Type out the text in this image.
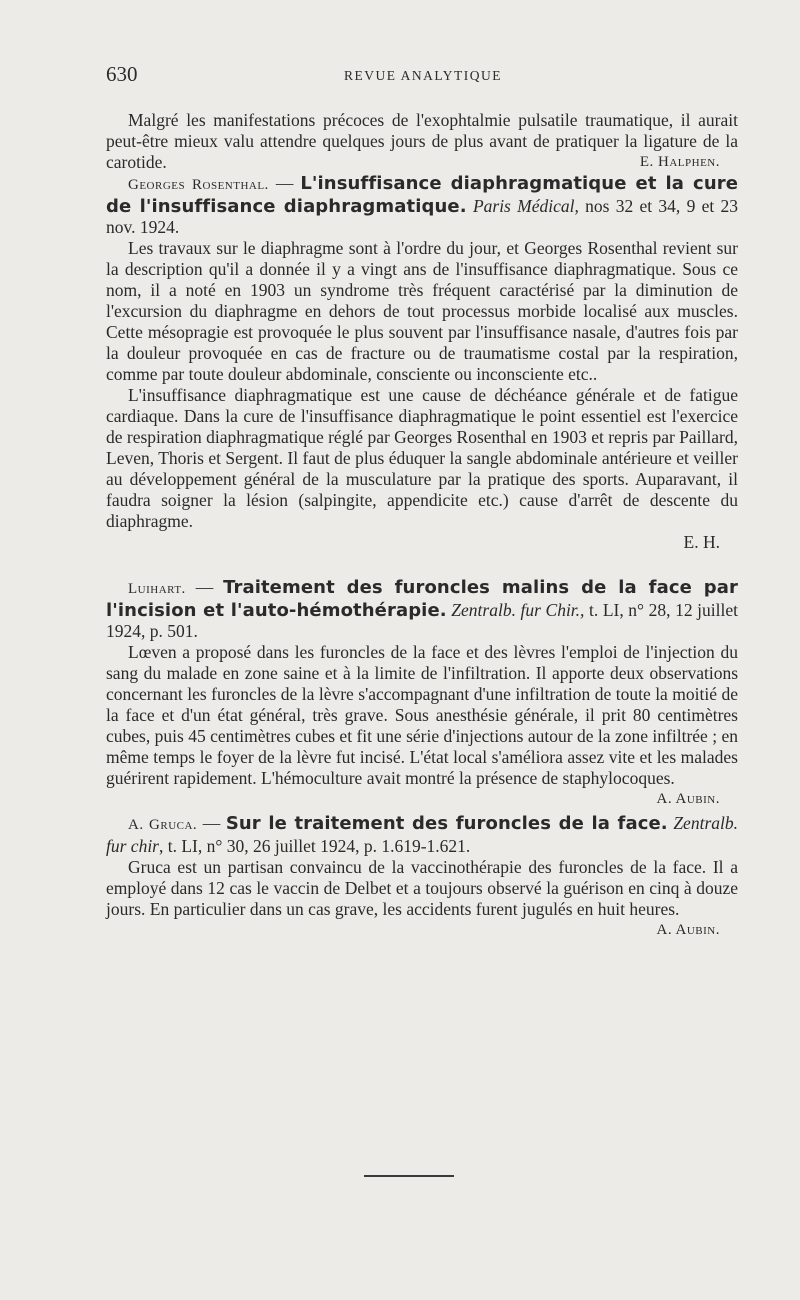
630	REVUE ANALYTIQUE

Malgré les manifestations précoces de l'exophtalmie pulsatile traumatique, il aurait peut-être mieux valu attendre quelques jours de plus avant de pratiquer la ligature de la carotide.	E. Halphen.

Georges Rosenthal. — L'insuffisance diaphragmatique et la cure de l'insuffisance diaphragmatique. Paris Médical, nos 32 et 34, 9 et 23 nov. 1924.

Les travaux sur le diaphragme sont à l'ordre du jour, et Georges Rosenthal revient sur la description qu'il a donnée il y a vingt ans de l'insuffisance diaphragmatique. Sous ce nom, il a noté en 1903 un syndrome très fréquent caractérisé par la diminution de l'excursion du diaphragme en dehors de tout processus morbide localisé aux muscles. Cette mésopragie est provoquée le plus souvent par l'insuffisance nasale, d'autres fois par la douleur provoquée en cas de fracture ou de traumatisme costal par la respiration, comme par toute douleur abdominale, consciente ou inconsciente etc..

L'insuffisance diaphragmatique est une cause de déchéance générale et de fatigue cardiaque. Dans la cure de l'insuffisance diaphragmatique le point essentiel est l'exercice de respiration diaphragmatique réglé par Georges Rosenthal en 1903 et repris par Paillard, Leven, Thoris et Sergent. Il faut de plus éduquer la sangle abdominale antérieure et veiller au développement général de la musculature par la pratique des sports. Auparavant, il faudra soigner la lésion (salpingite, appendicite etc.) cause d'arrêt de descente du diaphragme.

E. H.

Luihart. — Traitement des furoncles malins de la face par l'incision et l'auto-hémothérapie. Zentralb. fur Chir., t. LI, n° 28, 12 juillet 1924, p. 501.

Lœven a proposé dans les furoncles de la face et des lèvres l'emploi de l'injection du sang du malade en zone saine et à la limite de l'infiltration. Il apporte deux observations concernant les furoncles de la lèvre s'accompagnant d'une infiltration de toute la moitié de la face et d'un état général, très grave. Sous anesthésie générale, il prit 80 centimètres cubes, puis 45 centimètres cubes et fit une série d'injections autour de la zone infiltrée ; en même temps le foyer de la lèvre fut incisé. L'état local s'améliora assez vite et les malades guérirent rapidement. L'hémoculture avait montré la présence de staphylocoques.
A. Aubin.

A. Gruca. — Sur le traitement des furoncles de la face. Zentralb. fur chir, t. LI, n° 30, 26 juillet 1924, p. 1.619-1.621.

Gruca est un partisan convaincu de la vaccinothérapie des furoncles de la face. Il a employé dans 12 cas le vaccin de Delbet et a toujours observé la guérison en cinq à douze jours. En particulier dans un cas grave, les accidents furent jugulés en huit heures.

A. Aubin.
